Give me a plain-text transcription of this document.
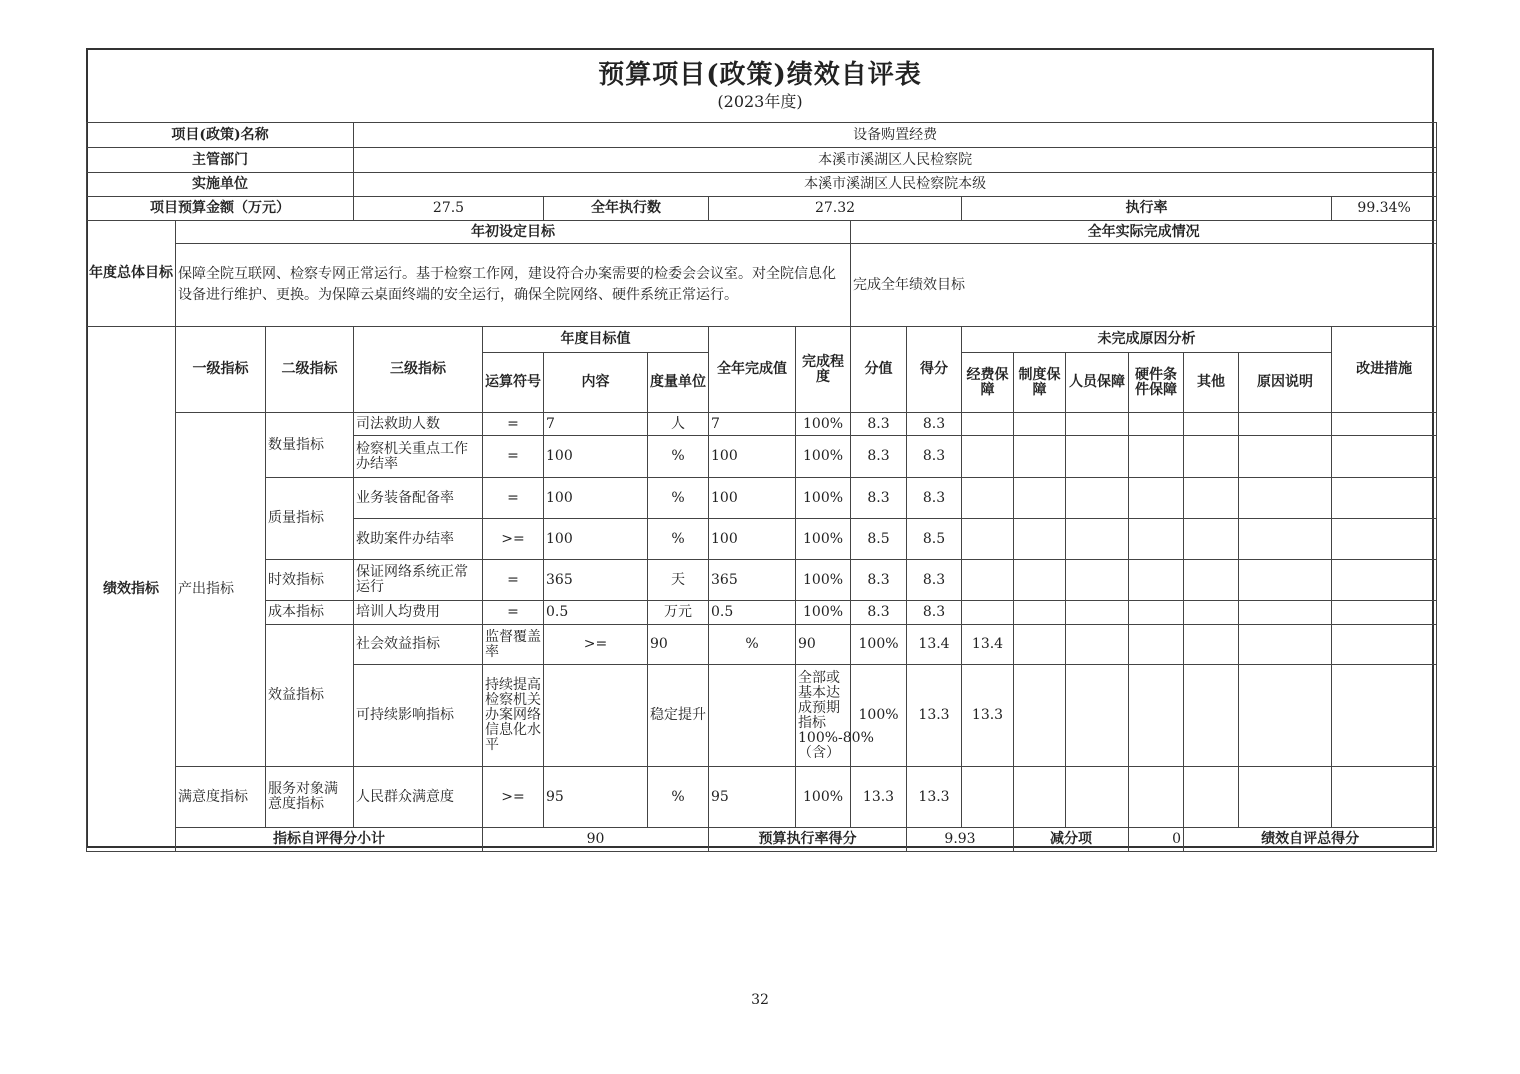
预算项目(政策)绩效自评表
(2023年度)
项目(政策)名称			设备购置经费															
主管部门			本溪市溪湖区人民检察院															
实施单位			本溪市溪湖区人民检察院本级															
项目预算金额（万元）			27.5		全年执行数		27.32				执行率						99.34%	
年度总体目标	年初设定目标								全年实际完成情况									
	保障全院互联网、检察专网正常运行。基于检察工作网，建设符合办案需要的检委会会议室。对全院信息化设备进行维护、更换。为保障云桌面终端的安全运行，确保全院网络、硬件系统正常运行。								完成全年绩效目标									
绩效指标	一级指标	二级指标	三级指标	年度目标值			全年完成值	完成程度	分值	得分	未完成原因分析						改进措施	
				运算符号	内容	度量单位					经费保障	制度保障	人员保障	硬件条件保障	其他	原因说明		
	产出指标	数量指标	司法救助人数	=	7	人	7	100%	8.3	8.3								
			检察机关重点工作办结率	=	100	%	100	100%	8.3	8.3								

		质量指标	业务装备配备率	=	100	%	100	100%	8.3	8.3								

			救助案件办结率	>=	100	%	100	100%	8.5	8.5								

		时效指标	保证网络系统正常运行	=	365	天	365	100%	8.3	8.3								

		成本指标	培训人均费用	=	0.5	万元	0.5	100%	8.3	8.3								
		效益指标	社会效益指标	监督覆盖率	>=	90	%	90	100%	13.4	13.4							
			可持续影响指标	持续提高检察机关办案网络信息化水平		稳定提升		全部或基本达成预期指标100%-80%（含）	100%	13.3	13.3							
	满意度指标	服务对象满意度指标	人民群众满意度	>=	95	%	95	100%	13.3	13.3								
	指标自评得分小计			90			预算执行率得分			9.93		减分项		0	绩效自评总得分	
32
